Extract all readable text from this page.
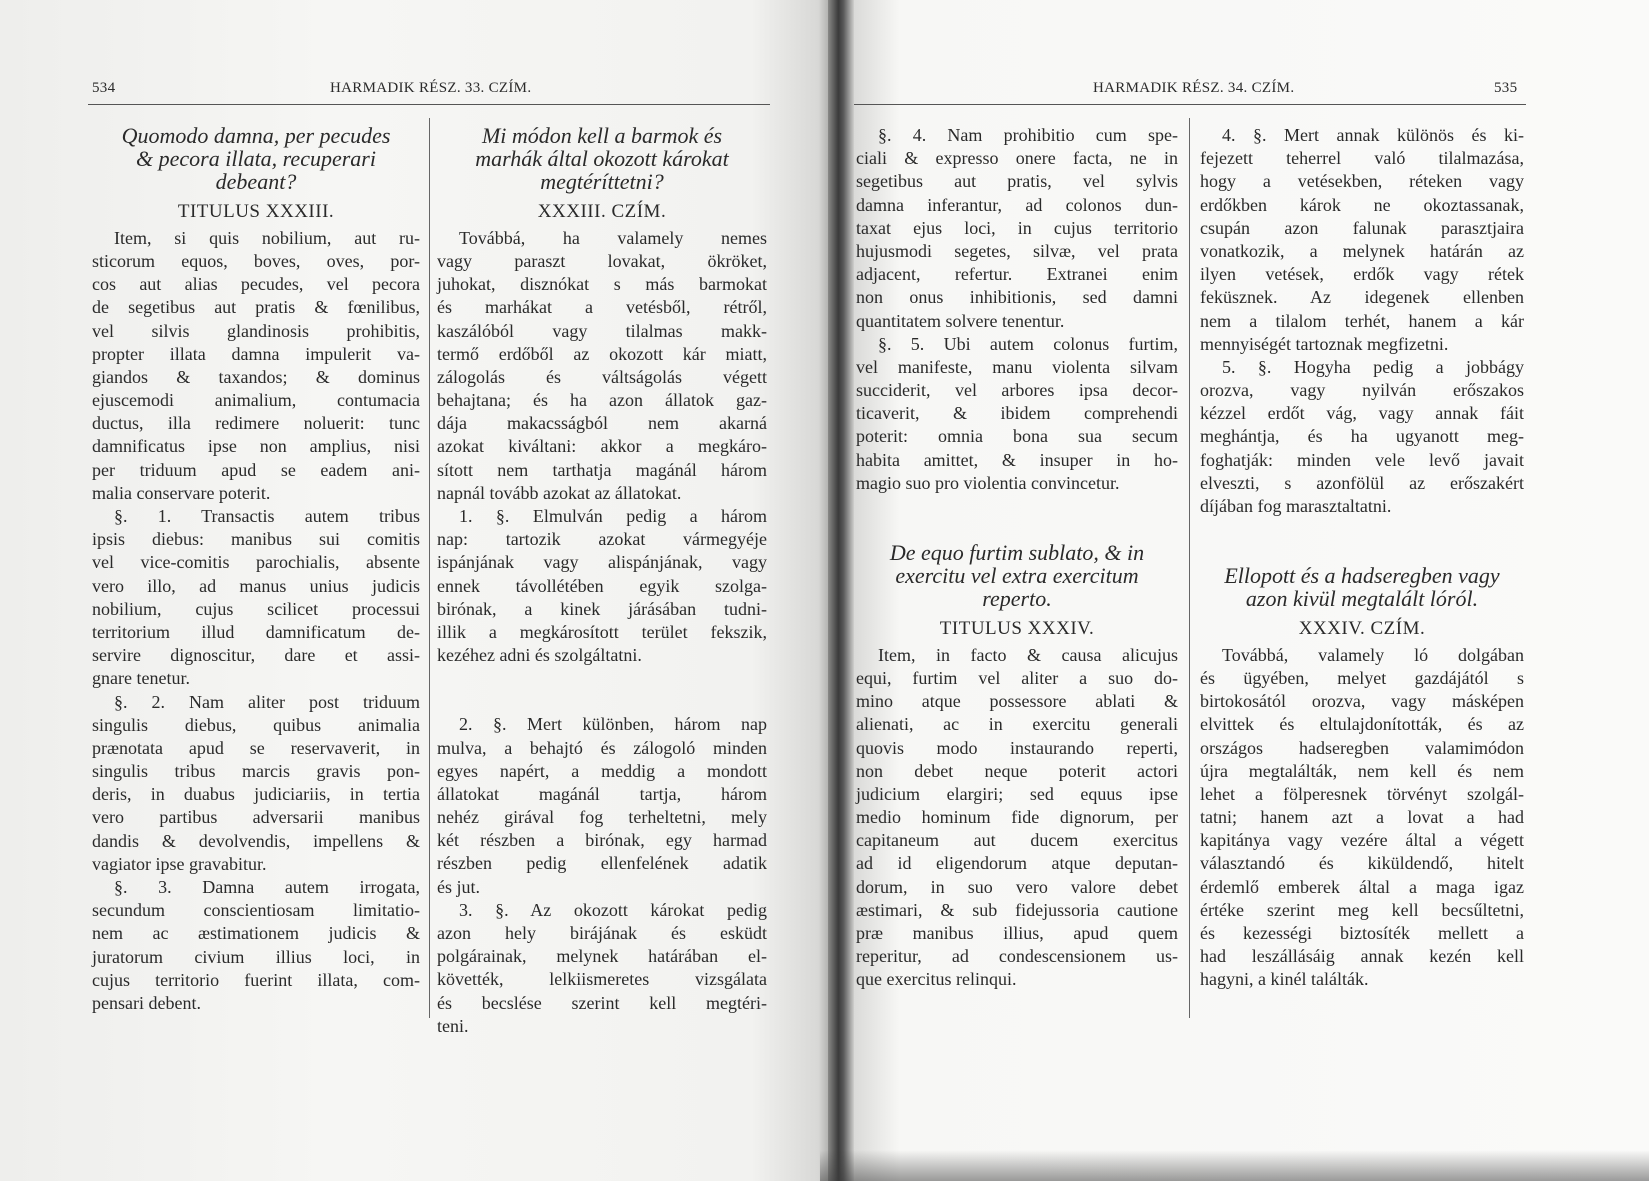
534	HARMADIK RÉSZ. 33. CZÍM.
Quomodo damna, per pecudes
& pecora illata, recuperari
debeant?
TITULUS XXXIII.
Item, si quis nobilium, aut ru-
sticorum equos, boves, oves, por-
cos aut alias pecudes, vel pecora
de segetibus aut pratis & fœnilibus,
vel silvis glandinosis prohibitis,
propter illata damna impulerit va-
giandos & taxandos; & dominus
ejuscemodi animalium, contumacia
ductus, illa redimere noluerit: tunc
damnificatus ipse non amplius, nisi
per triduum apud se eadem ani-
malia conservare poterit.
§. 1. Transactis autem tribus
ipsis diebus: manibus sui comitis
vel vice-comitis parochialis, absente
vero illo, ad manus unius judicis
nobilium, cujus scilicet processui
territorium illud damnificatum de-
servire dignoscitur, dare et assi-
gnare tenetur.
§. 2. Nam aliter post triduum
singulis diebus, quibus animalia
prænotata apud se reservaverit, in
singulis tribus marcis gravis pon-
deris, in duabus judiciariis, in tertia
vero partibus adversarii manibus
dandis & devolvendis, impellens &
vagiator ipse gravabitur.
§. 3. Damna autem irrogata,
secundum conscientiosam limitatio-
nem ac æstimationem judicis &
juratorum civium illius loci, in
cujus territorio fuerint illata, com-
pensari debent.
Mi módon kell a barmok és
marhák által okozott károkat
megtéríttetni?
XXXIII. CZÍM.
Továbbá, ha valamely nemes
vagy paraszt lovakat, ökröket,
juhokat, disznókat s más barmokat
és marhákat a vetésből, rétről,
kaszálóból vagy tilalmas makk-
termő erdőből az okozott kár miatt,
zálogolás és váltságolás végett
behajtana; és ha azon állatok gaz-
dája makacsságból nem akarná
azokat kiváltani: akkor a megkáro-
sított nem tarthatja magánál három
napnál tovább azokat az állatokat.
1. §. Elmulván pedig a három
nap: tartozik azokat vármegyéje
ispánjának vagy alispánjának, vagy
ennek távollétében egyik szolga-
birónak, a kinek járásában tudni-
illik a megkárosított terület fekszik,
kezéhez adni és szolgáltatni.
2. §. Mert különben, három nap
mulva, a behajtó és zálogoló minden
egyes napért, a meddig a mondott
állatokat magánál tartja, három
nehéz girával fog terheltetni, mely
két részben a birónak, egy harmad
részben pedig ellenfelének adatik
és jut.
3. §. Az okozott károkat pedig
azon hely birájának és esküdt
polgárainak, melynek határában el-
követték, lelkiismeretes vizsgálata
és becslése szerint kell megtéri-
teni.
HARMADIK RÉSZ. 34. CZÍM.	535
§. 4. Nam prohibitio cum spe-
ciali & expresso onere facta, ne in
segetibus aut pratis, vel sylvis
damna inferantur, ad colonos dun-
taxat ejus loci, in cujus territorio
hujusmodi segetes, silvæ, vel prata
adjacent, refertur. Extranei enim
non onus inhibitionis, sed damni
quantitatem solvere tenentur.
§. 5. Ubi autem colonus furtim,
vel manifeste, manu violenta silvam
succiderit, vel arbores ipsa decor-
ticaverit, & ibidem comprehendi
poterit: omnia bona sua secum
habita amittet, & insuper in ho-
magio suo pro violentia convincetur.
De equo furtim sublato, & in
exercitu vel extra exercitum
reperto.
TITULUS XXXIV.
Item, in facto & causa alicujus
equi, furtim vel aliter a suo do-
mino atque possessore ablati &
alienati, ac in exercitu generali
quovis modo instaurando reperti,
non debet neque poterit actori
judicium elargiri; sed equus ipse
medio hominum fide dignorum, per
capitaneum aut ducem exercitus
ad id eligendorum atque deputan-
dorum, in suo vero valore debet
æstimari, & sub fidejussoria cautione
præ manibus illius, apud quem
reperitur, ad condescensionem us-
que exercitus relinqui.
4. §. Mert annak különös és ki-
fejezett teherrel való tilalmazása,
hogy a vetésekben, réteken vagy
erdőkben károk ne okoztassanak,
csupán azon falunak parasztjaira
vonatkozik, a melynek határán az
ilyen vetések, erdők vagy rétek
feküsznek. Az idegenek ellenben
nem a tilalom terhét, hanem a kár
mennyiségét tartoznak megfizetni.
5. §. Hogyha pedig a jobbágy
orozva, vagy nyilván erőszakos
kézzel erdőt vág, vagy annak fáit
meghántja, és ha ugyanott meg-
foghatják: minden vele levő javait
elveszti, s azonfölül az erőszakért
díjában fog marasztaltatni.
Ellopott és a hadseregben vagy
azon kivül megtalált lóról.
XXXIV. CZÍM.
Továbbá, valamely ló dolgában
és ügyében, melyet gazdájától s
birtokosától orozva, vagy másképen
elvittek és eltulajdonították, és az
országos hadseregben valamimódon
újra megtalálták, nem kell és nem
lehet a fölperesnek törvényt szolgál-
tatni; hanem azt a lovat a had
kapitánya vagy vezére által a végett
választandó és kiküldendő, hitelt
érdemlő emberek által a maga igaz
értéke szerint meg kell becsűltetni,
és kezességi biztosíték mellett a
had leszállásáig annak kezén kell
hagyni, a kinél találták.
